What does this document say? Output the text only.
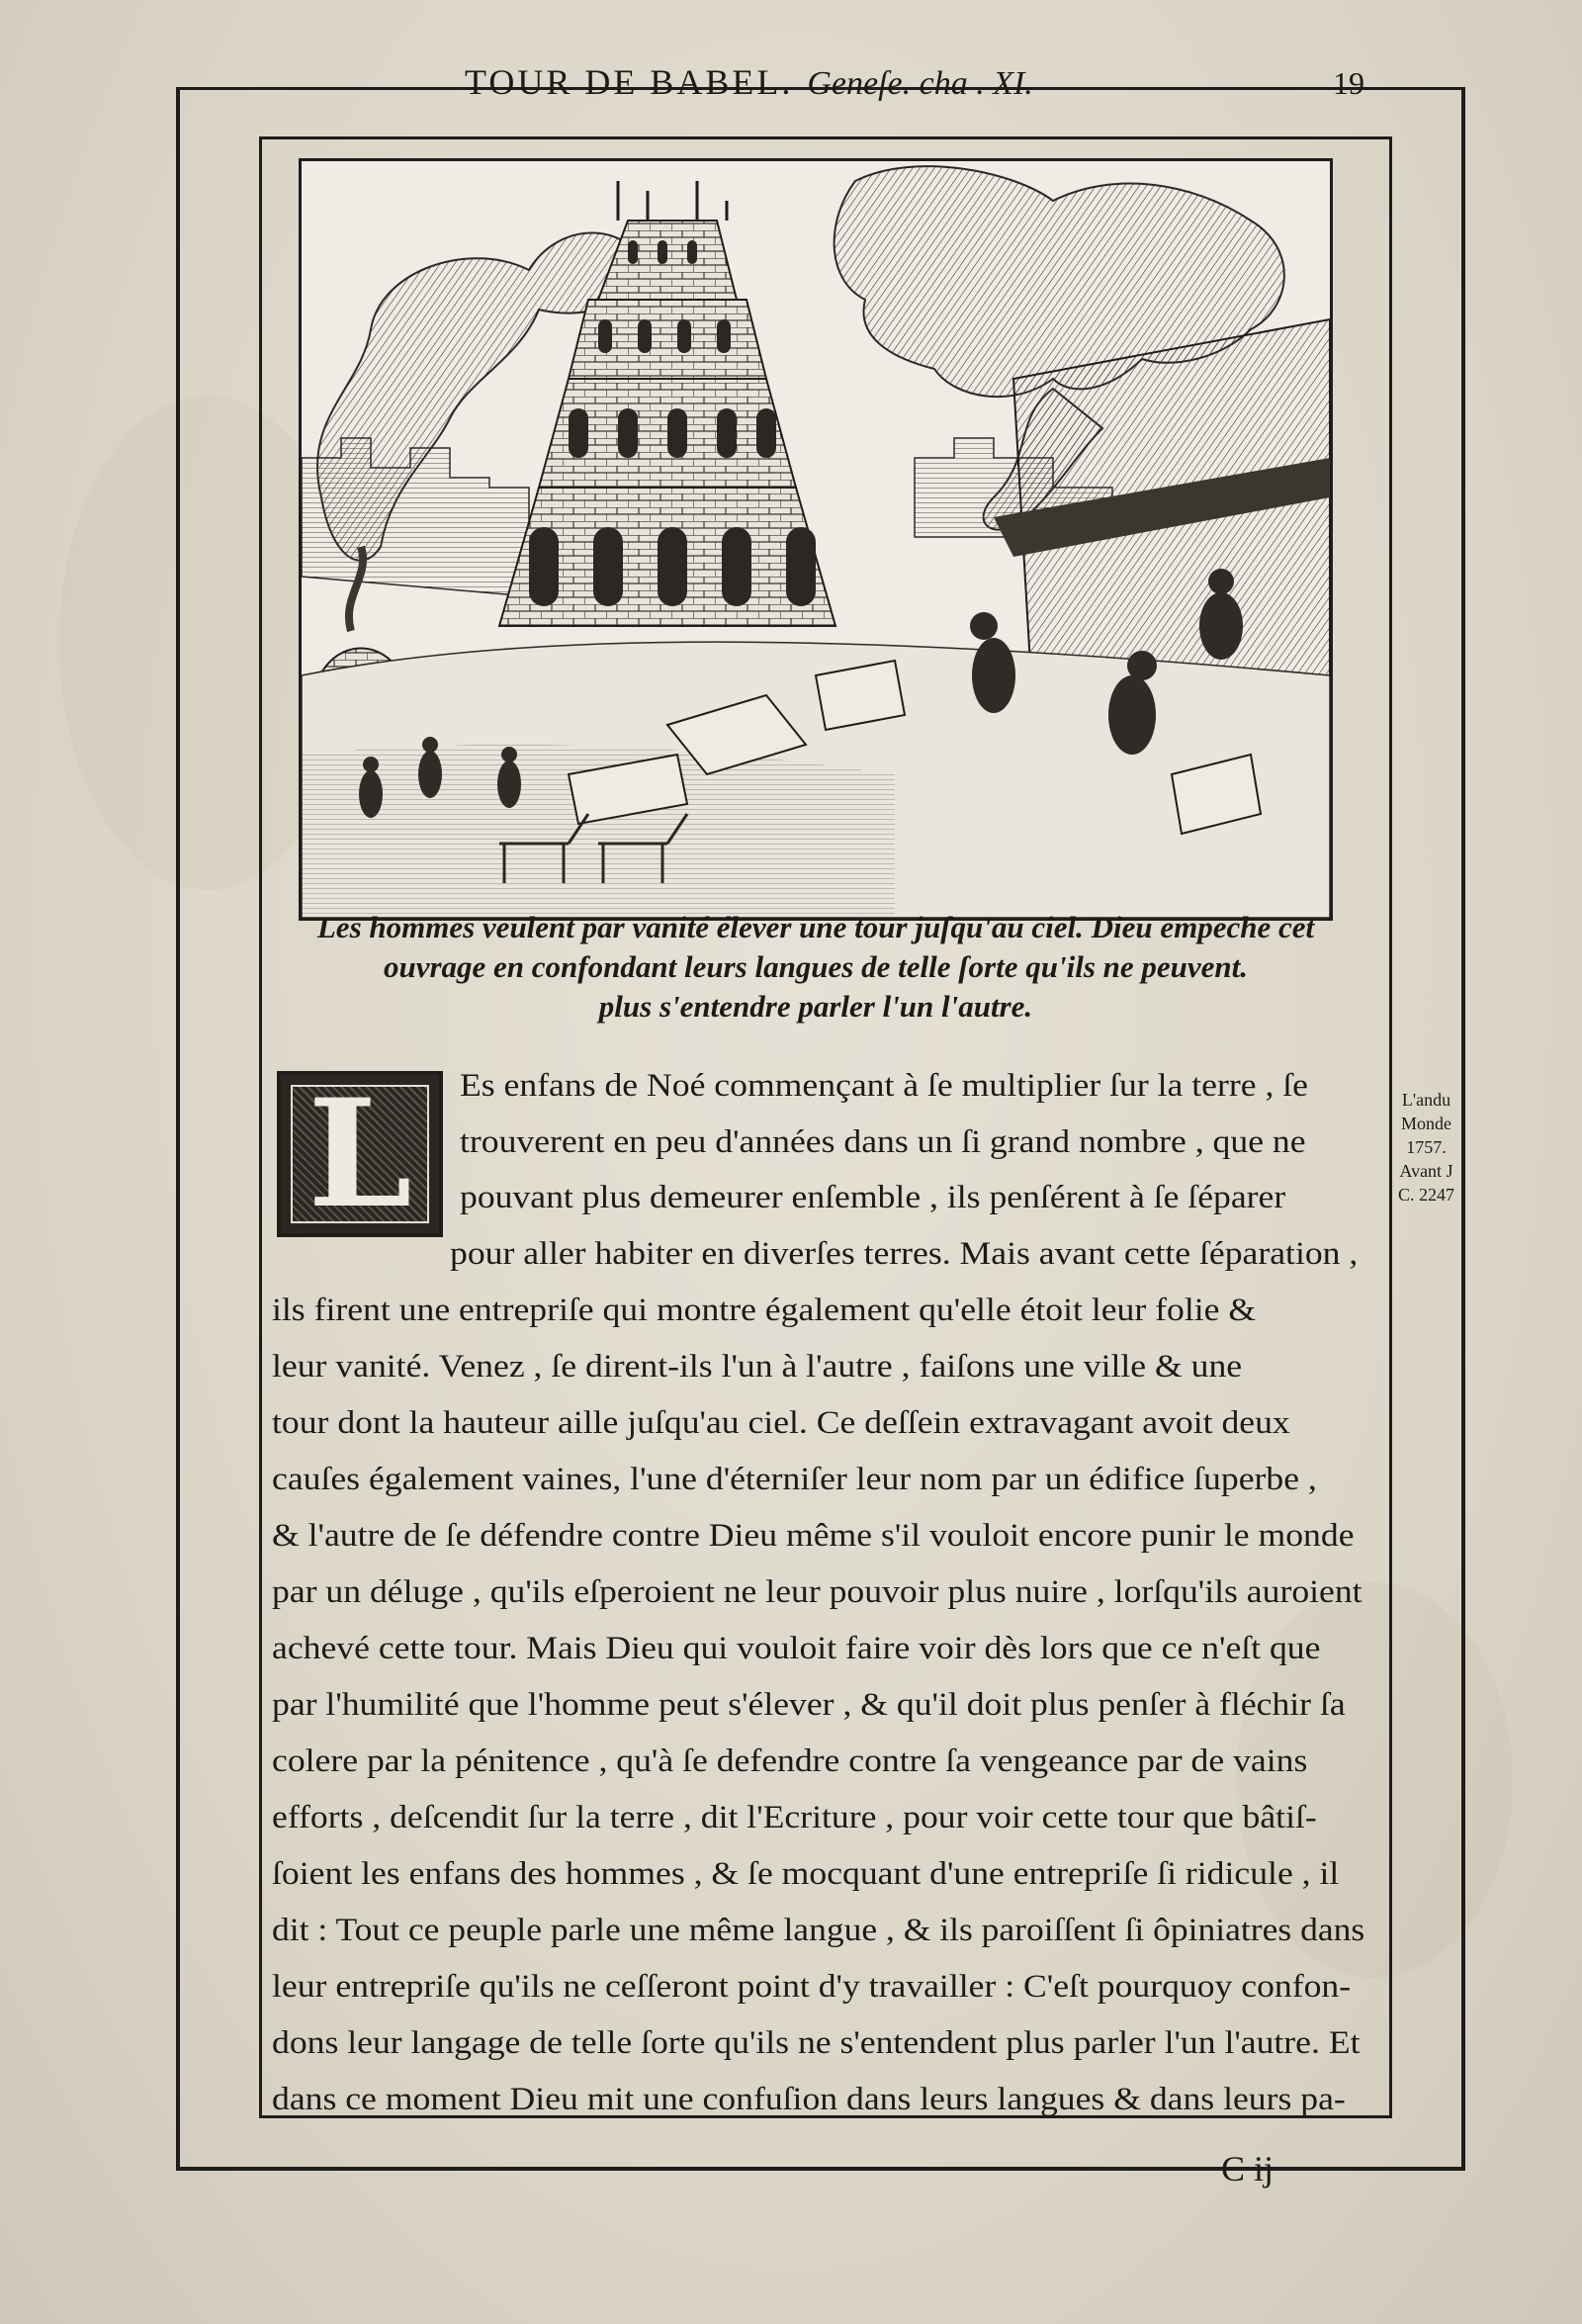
TOUR DE BABEL. Geneſe. cha . XI.	19
Les hommes veulent par vanité élever une tour juſqu'au ciel. Dieu empeche cet
ouvrage en confondant leurs langues de telle ſorte qu'ils ne peuvent.
plus s'entendre parler l'un l'autre.
L	L'andu
Monde
1757.
Avant J
C. 2247
Es enfans de Noé commençant à ſe multiplier ſur la terre , ſe
trouverent en peu d'années dans un ſi grand nombre , que ne
pouvant plus demeurer enſemble , ils penſérent à ſe ſéparer
pour aller habiter en diverſes terres. Mais avant cette ſéparation ,
ils firent une entrepriſe qui montre également qu'elle étoit leur folie &
leur vanité. Venez , ſe dirent-ils l'un à l'autre , faiſons une ville & une
tour dont la hauteur aille juſqu'au ciel. Ce deſſein extravagant avoit deux
cauſes également vaines, l'une d'éterniſer leur nom par un édifice ſuperbe ,
& l'autre de ſe défendre contre Dieu même s'il vouloit encore punir le monde
par un déluge , qu'ils eſperoient ne leur pouvoir plus nuire , lorſqu'ils auroient
achevé cette tour. Mais Dieu qui vouloit faire voir dès lors que ce n'eſt que
par l'humilité que l'homme peut s'élever , & qu'il doit plus penſer à fléchir ſa
colere par la pénitence , qu'à ſe defendre contre ſa vengeance par de vains
efforts , deſcendit ſur la terre , dit l'Ecriture , pour voir cette tour que bâtiſ-
ſoient les enfans des hommes , & ſe mocquant d'une entrepriſe ſi ridicule , il
dit : Tout ce peuple parle une même langue , & ils paroiſſent ſi ôpiniatres dans
leur entrepriſe qu'ils ne ceſſeront point d'y travailler : C'eſt pourquoy confon-
dons leur langage de telle ſorte qu'ils ne s'entendent plus parler l'un l'autre. Et
dans ce moment Dieu mit une confuſion dans leurs langues & dans leurs pa-
C ij
